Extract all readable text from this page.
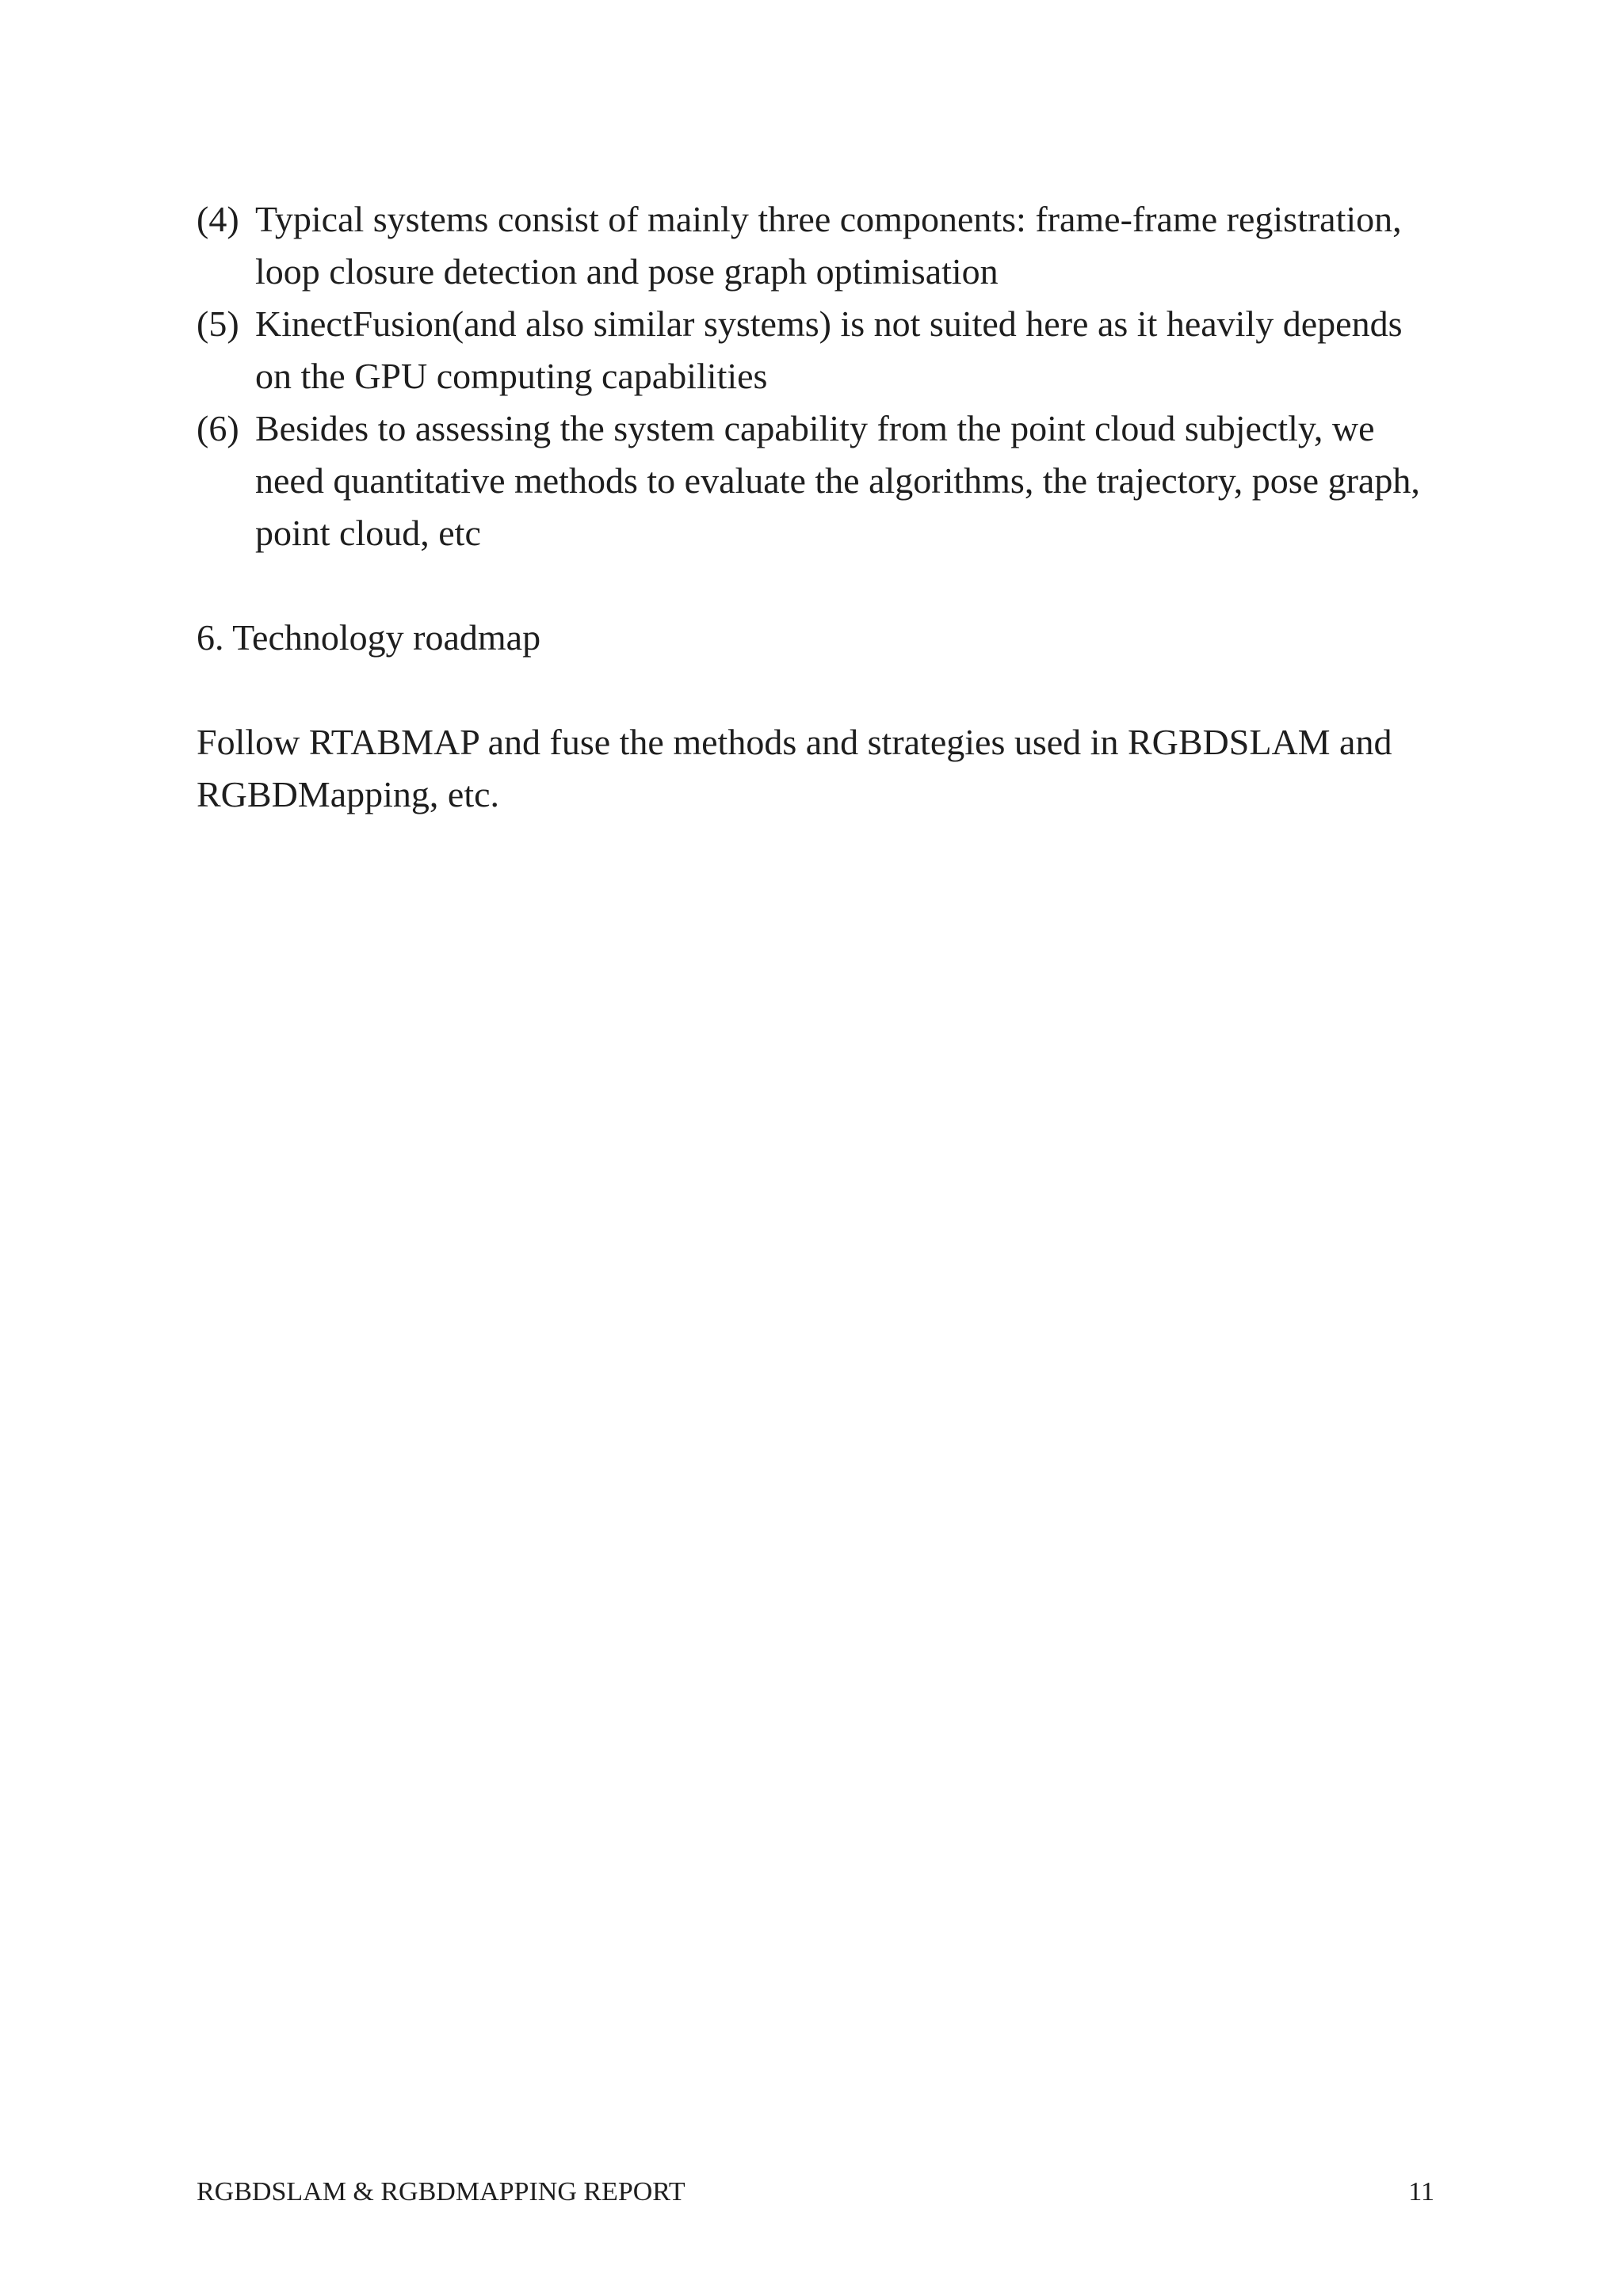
(4) Typical systems consist of mainly three components: frame-frame registration, loop closure detection and pose graph optimisation
(5) KinectFusion(and also similar systems) is not suited here as it heavily depends on the GPU computing capabilities
(6) Besides to assessing the system capability from the point cloud subjectly, we need quantitative methods to evaluate the algorithms, the trajectory, pose graph, point cloud, etc
6. Technology roadmap

Follow RTABMAP and fuse the methods and strategies used in RGBDSLAM and RGBDMapping, etc.

RGBDSLAM & RGBDMAPPING REPORT	11
